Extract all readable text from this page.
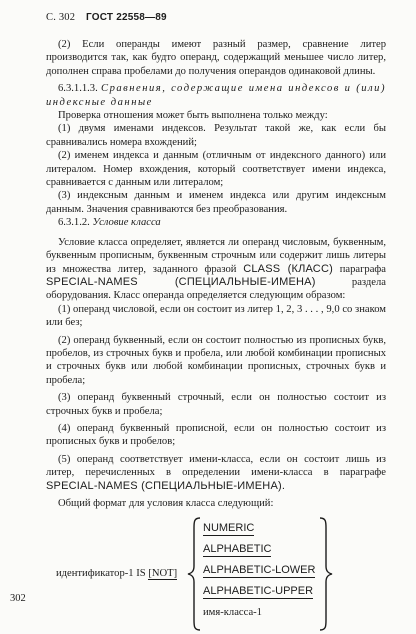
С. 302 ГОСТ 22558—89
(2) Если операнды имеют разный размер, сравнение литер производится так, как будто операнд, содержащий меньшее число литер, дополнен справа пробелами до получения операндов одинаковой длины.
6.3.1.1.3. Сравнения, содержащие имена индексов и (или) индексные данные
Проверка отношения может быть выполнена только между:
(1) двумя именами индексов. Результат такой же, как если бы сравнивались номера вхождений;
(2) именем индекса и данным (отличным от индексного данного) или литералом. Номер вхождения, который соответствует имени индекса, сравнивается с данным или литералом;
(3) индексным данным и именем индекса или другим индексным данным. Значения сравниваются без преобразования.
6.3.1.2. Условие класса
Условие класса определяет, является ли операнд числовым, буквенным, буквенным прописным, буквенным строчным или содержит лишь литеры из множества литер, заданного фразой CLASS (КЛАСС) параграфа SPECIAL-NAMES (СПЕЦИАЛЬНЫЕ-ИМЕНА)	раздела оборудования. Класс операнда определяется следующим образом:
(1) операнд числовой, если он состоит из литер 1, 2, 3 . . . , 9,0 со знаком или без;
(2) операнд буквенный, если он состоит полностью из прописных букв, пробелов, из строчных букв и пробела, или любой комбинации прописных и строчных букв или любой комбинации прописных, строчных букв и пробела;
(3) операнд буквенный строчный, если он полностью состоит из строчных букв и пробела;
(4) операнд буквенный прописной, если он полностью состоит из прописных букв и пробелов;
(5) операнд соответствует имени-класса, если он состоит лишь из литер, перечисленных в определении имени-класса в параграфе SPECIAL-NAMES (СПЕЦИАЛЬНЫЕ-ИМЕНА).
Общий формат для условия класса следующий:
идентификатор-1 IS [NOT]
NUMERIC
ALPHABETIC
ALPHABETIC-LOWER
ALPHABETIC-UPPER
имя-класса-1
302
